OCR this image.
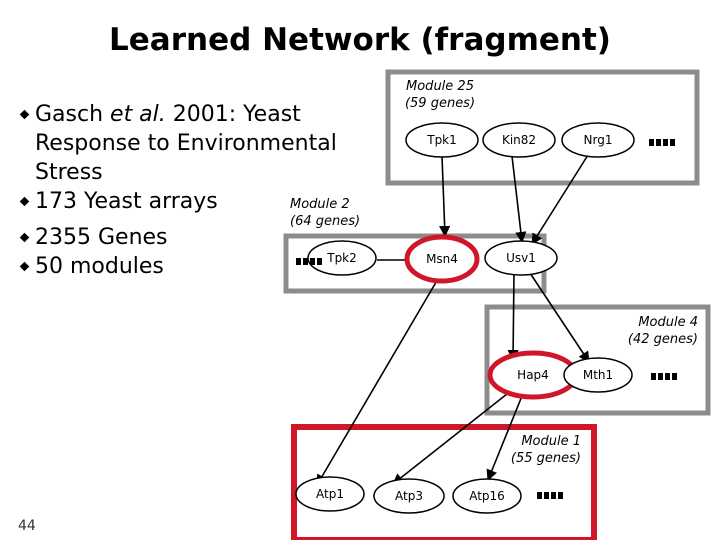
Learned Network (fragment)
Gasch et al. 2001: Yeast
Response to Environmental
Stress
173 Yeast arrays
2355 Genes
50 modules
Module 25
(59 genes)
Module 2
(64 genes)
Module 4
(42 genes)
Module 1
(55 genes)
Tpk1	Kin82	Nrg1
Tpk2	Msn4	Usv1
Hap4	Mth1
Atp1	Atp3	Atp16
44
